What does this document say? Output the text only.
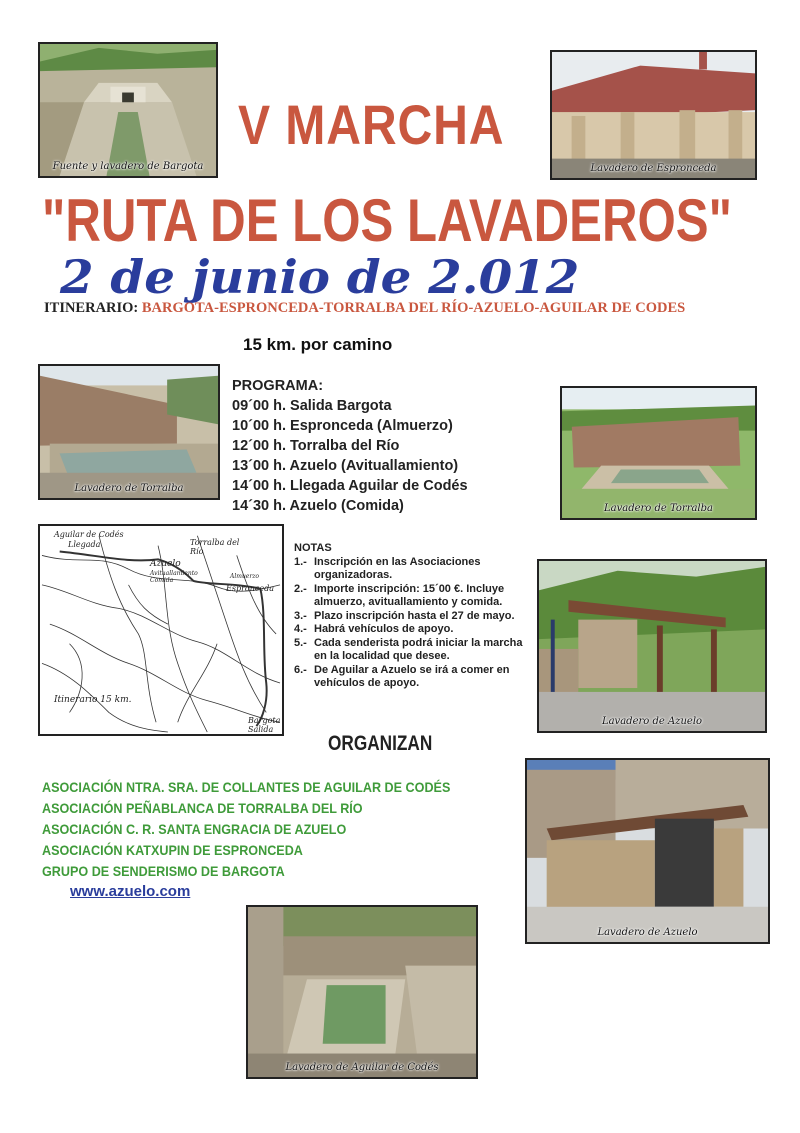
Fuente y lavadero de Bargota	Lavadero de Espronceda
Lavadero de Torralba
Lavadero de Torralba
Lavadero de Azuelo
Lavadero de Azuelo
Lavadero de Aguilar de Codés
V MARCHA
"RUTA DE LOS LAVADEROS"
2 de junio de 2.012
ITINERARIO: BARGOTA-ESPRONCEDA-TORRALBA DEL RÍO-AZUELO-AGUILAR DE CODES
15 km. por camino
PROGRAMA:
09´00 h. Salida Bargota
10´00 h. Espronceda (Almuerzo)
12´00 h. Torralba del Río
13´00 h. Azuelo (Avituallamiento)
14´00 h. Llegada Aguilar de Codés
14´30 h. Azuelo (Comida)
Aguilar de Codés
Llegada	Torralba del Río
Azuelo
Avituallamiento Comida
Almuerzo
Espronceda
Itinerario 15 km.
Bargota
Salida
NOTAS
1.- Inscripción en las Asociaciones organizadoras.
2.- Importe inscripción: 15´00 €. Incluye almuerzo, avituallamiento y comida.
3.- Plazo inscripción hasta el 27 de mayo.
4.- Habrá vehículos de apoyo.
5.- Cada senderista podrá iniciar la marcha en la localidad que desee.
6.- De Aguilar a Azuelo se irá a comer en vehículos de apoyo.
ORGANIZAN
ASOCIACIÓN NTRA. SRA. DE COLLANTES DE AGUILAR DE CODÉS
ASOCIACIÓN PEÑABLANCA DE TORRALBA DEL RÍO
ASOCIACIÓN C. R. SANTA ENGRACIA DE AZUELO
ASOCIACIÓN KATXUPIN DE ESPRONCEDA
GRUPO DE SENDERISMO DE BARGOTA
www.azuelo.com
